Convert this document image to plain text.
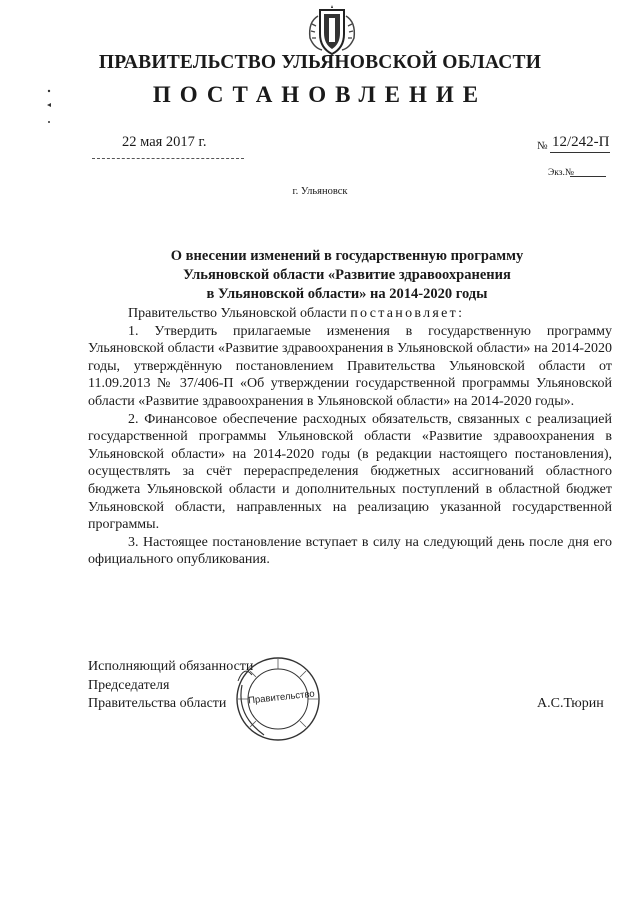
ПРАВИТЕЛЬСТВО УЛЬЯНОВСКОЙ ОБЛАСТИ
ПОСТАНОВЛЕНИЕ
22 мая 2017 г.	№ 12/242-П
Экз.№
г. Ульяновск
О внесении изменений в государственную программу
Ульяновской области «Развитие здравоохранения
в Ульяновской области» на 2014-2020 годы
Правительство Ульяновской области постановляет:

1. Утвердить прилагаемые изменения в государственную программу Ульяновской области «Развитие здравоохранения в Ульяновской области» на 2014-2020 годы, утверждённую постановлением Правительства Ульяновской области от 11.09.2013 № 37/406-П «Об утверждении государственной программы Ульяновской области «Развитие здравоохранения в Ульяновской области» на 2014-2020 годы».

2. Финансовое обеспечение расходных обязательств, связанных с реализацией государственной программы Ульяновской области «Развитие здравоохранения в Ульяновской области» на 2014-2020 годы (в редакции настоящего постановления), осуществлять за счёт перераспределения бюджетных ассигнований областного бюджета Ульяновской области и дополнительных поступлений в областной бюджет Ульяновской области, направленных на реализацию указанной государственной программы.

3. Настоящее постановление вступает в силу на следующий день после дня его официального опубликования.

Исполняющий обязанности
Председателя
Правительства области	Правительство	А.С.Тюрин
